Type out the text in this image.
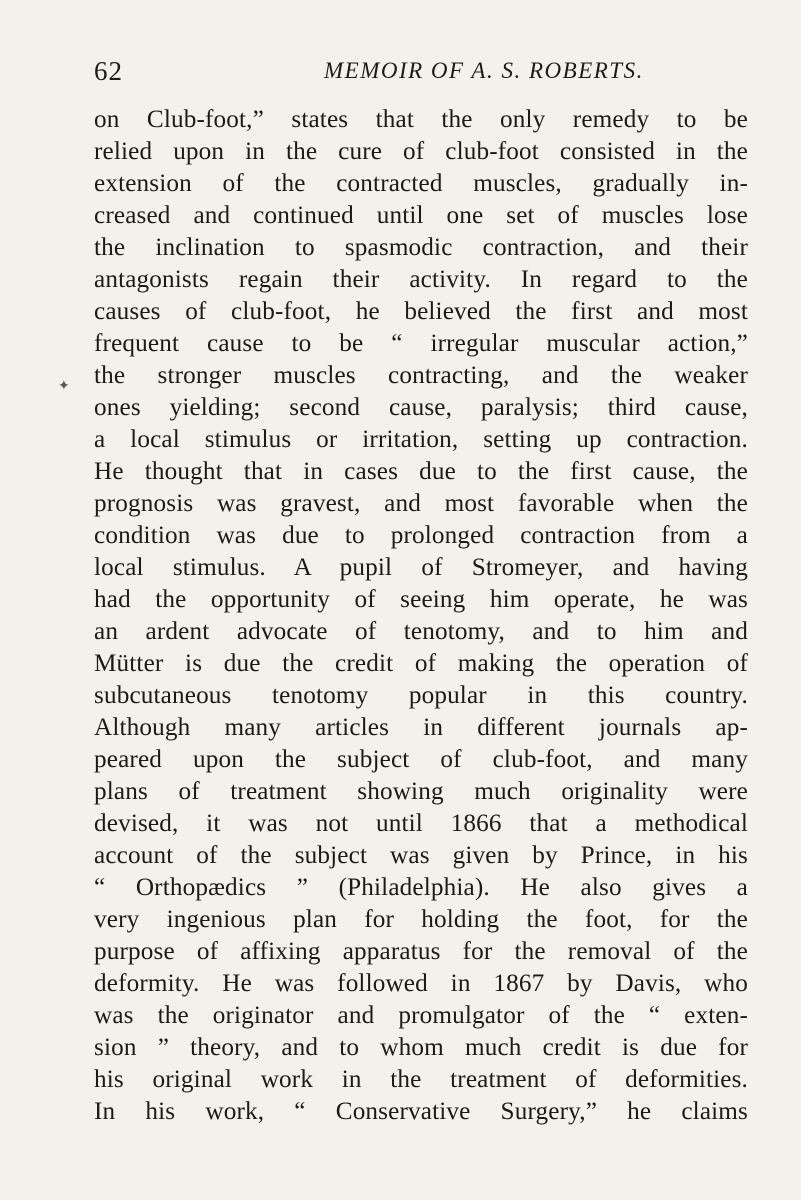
62	MEMOIR OF A. S. ROBERTS.
✦
on Club-foot,” states that the only remedy to be
relied upon in the cure of club-foot consisted in the
extension of the contracted muscles, gradually in-
creased and continued until one set of muscles lose
the inclination to spasmodic contraction, and their
antagonists regain their activity. In regard to the
causes of club-foot, he believed the first and most
frequent cause to be “ irregular muscular action,”
the stronger muscles contracting, and the weaker
ones yielding; second cause, paralysis; third cause,
a local stimulus or irritation, setting up contraction.
He thought that in cases due to the first cause, the
prognosis was gravest, and most favorable when the
condition was due to prolonged contraction from a
local stimulus. A pupil of Stromeyer, and having
had the opportunity of seeing him operate, he was
an ardent advocate of tenotomy, and to him and
Mütter is due the credit of making the operation of
subcutaneous tenotomy popular in this country.
Although many articles in different journals ap-
peared upon the subject of club-foot, and many
plans of treatment showing much originality were
devised, it was not until 1866 that a methodical
account of the subject was given by Prince, in his
“ Orthopædics ” (Philadelphia). He also gives a
very ingenious plan for holding the foot, for the
purpose of affixing apparatus for the removal of the
deformity. He was followed in 1867 by Davis, who
was the originator and promulgator of the “ exten-
sion ” theory, and to whom much credit is due for
his original work in the treatment of deformities.
In his work, “ Conservative Surgery,” he claims
